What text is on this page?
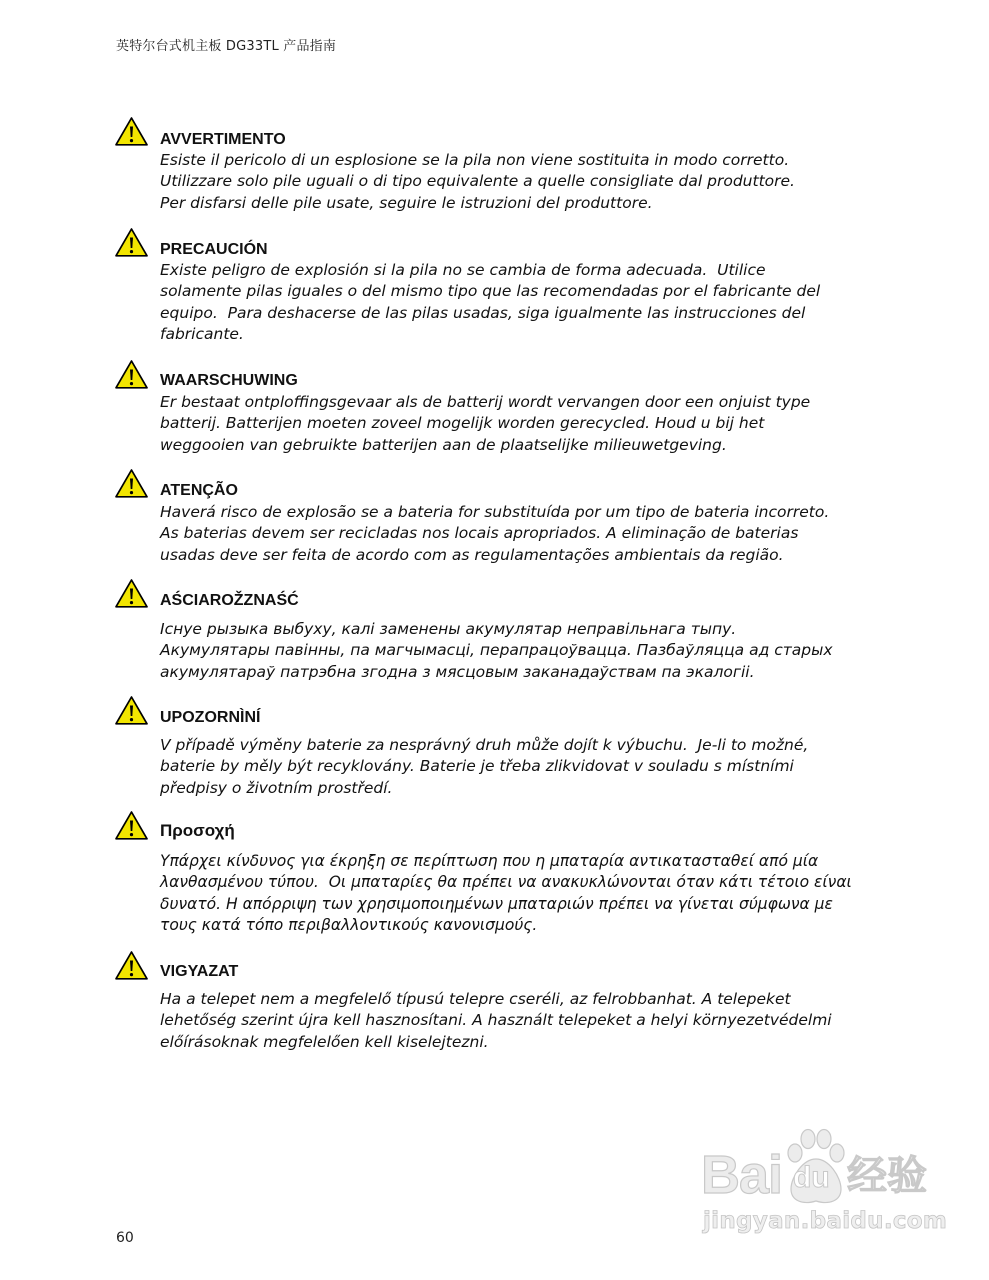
英特尔台式机主板 DG33TL 产品指南
AVVERTIMENTO
Esiste il pericolo di un esplosione se la pila non viene sostituita in modo corretto.
Utilizzare solo pile uguali o di tipo equivalente a quelle consigliate dal produttore.
Per disfarsi delle pile usate, seguire le istruzioni del produttore.
PRECAUCIÓN
Existe peligro de explosión si la pila no se cambia de forma adecuada.  Utilice
solamente pilas iguales o del mismo tipo que las recomendadas por el fabricante del
equipo.  Para deshacerse de las pilas usadas, siga igualmente las instrucciones del
fabricante.
WAARSCHUWING
Er bestaat ontploffingsgevaar als de batterij wordt vervangen door een onjuist type
batterij. Batterijen moeten zoveel mogelijk worden gerecycled. Houd u bij het
weggooien van gebruikte batterijen aan de plaatselijke milieuwetgeving.
ATENÇÃO
Haverá risco de explosão se a bateria for substituída por um tipo de bateria incorreto.
As baterias devem ser recicladas nos locais apropriados. A eliminação de baterias
usadas deve ser feita de acordo com as regulamentações ambientais da região.
AŚCIAROŽZNAŚĆ
Існуе рызыка выбуху, калі заменены акумулятар неправільнага тыпу.
Акумулятары павінны, па магчымасці, перапрацоўвацца. Пазбаўляцца ад старых
акумулятараў патрэбна згодна з мясцовым заканадаўствам па экалогіі.
UPOZORNÌNÍ
V případě výměny baterie za nesprávný druh může dojít k výbuchu.  Je-li to možné,
baterie by měly být recyklovány. Baterie je třeba zlikvidovat v souladu s místními
předpisy o životním prostředí.
Προσοχή
Υπάρχει κίνδυνος για έκρηξη σε περίπτωση που η μπαταρία αντικατασταθεί από μία
λανθασμένου τύπου.  Οι μπαταρίες θα πρέπει να ανακυκλώνονται όταν κάτι τέτοιο είναι
δυνατό. Η απόρριψη των χρησιμοποιημένων μπαταριών πρέπει να γίνεται σύμφωνα με
τους κατά τόπο περιβαλλοντικούς κανονισμούς.
VIGYAZAT
Ha a telepet nem a megfelelő típusú telepre cseréli, az felrobbanhat. A telepeket
lehetőség szerint újra kell hasznosítani. A használt telepeket a helyi környezetvédelmi
előírásoknak megfelelően kell kiselejtezni.
Bai du 经验
jingyan.baidu.com
60
